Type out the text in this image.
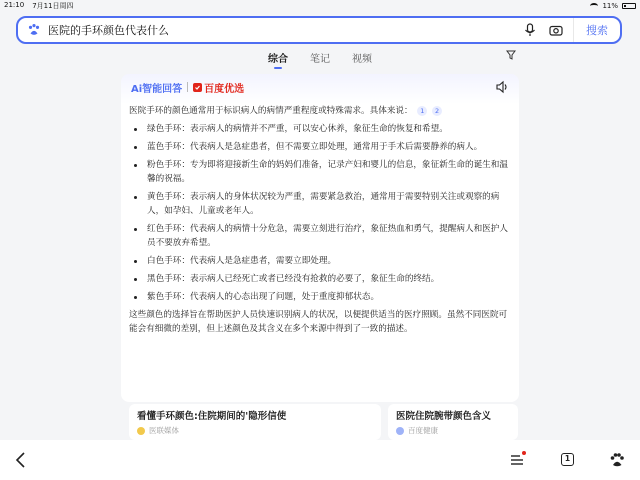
21:10 7月11日周四	11%
医院的手环颜色代表什么
搜索
综合 笔记 视频
Ai智能回答 百度优选

医院手环的颜色通常用于标识病人的病情严重程度或特殊需求。具体来说： 1 2

绿色手环：表示病人的病情并不严重，可以安心休养，象征生命的恢复和希望。
蓝色手环：代表病人是急症患者，但不需要立即处理，通常用于手术后需要静养的病人。
粉色手环：专为即将迎接新生命的妈妈们准备，记录产妇和婴儿的信息，象征新生命的诞生和温馨的祝福。
黄色手环：表示病人的身体状况较为严重，需要紧急救治，通常用于需要特别关注或观察的病人，如孕妇、儿童或老年人。
红色手环：代表病人的病情十分危急，需要立刻进行治疗，象征热血和勇气，提醒病人和医护人员不要放弃希望。
白色手环：代表病人是急症患者，需要立即处理。
黑色手环：表示病人已经死亡或者已经没有抢救的必要了，象征生命的终结。
紫色手环：代表病人的心态出现了问题，处于重度抑郁状态。

这些颜色的选择旨在帮助医护人员快速识别病人的状况，以便提供适当的医疗照顾。虽然不同医院可能会有细微的差别，但上述颜色及其含义在多个来源中得到了一致的描述。

看懂手环颜色:住院期间的'隐形信使
医联媒体
医院住院腕带颜色含义
百度健康
1
